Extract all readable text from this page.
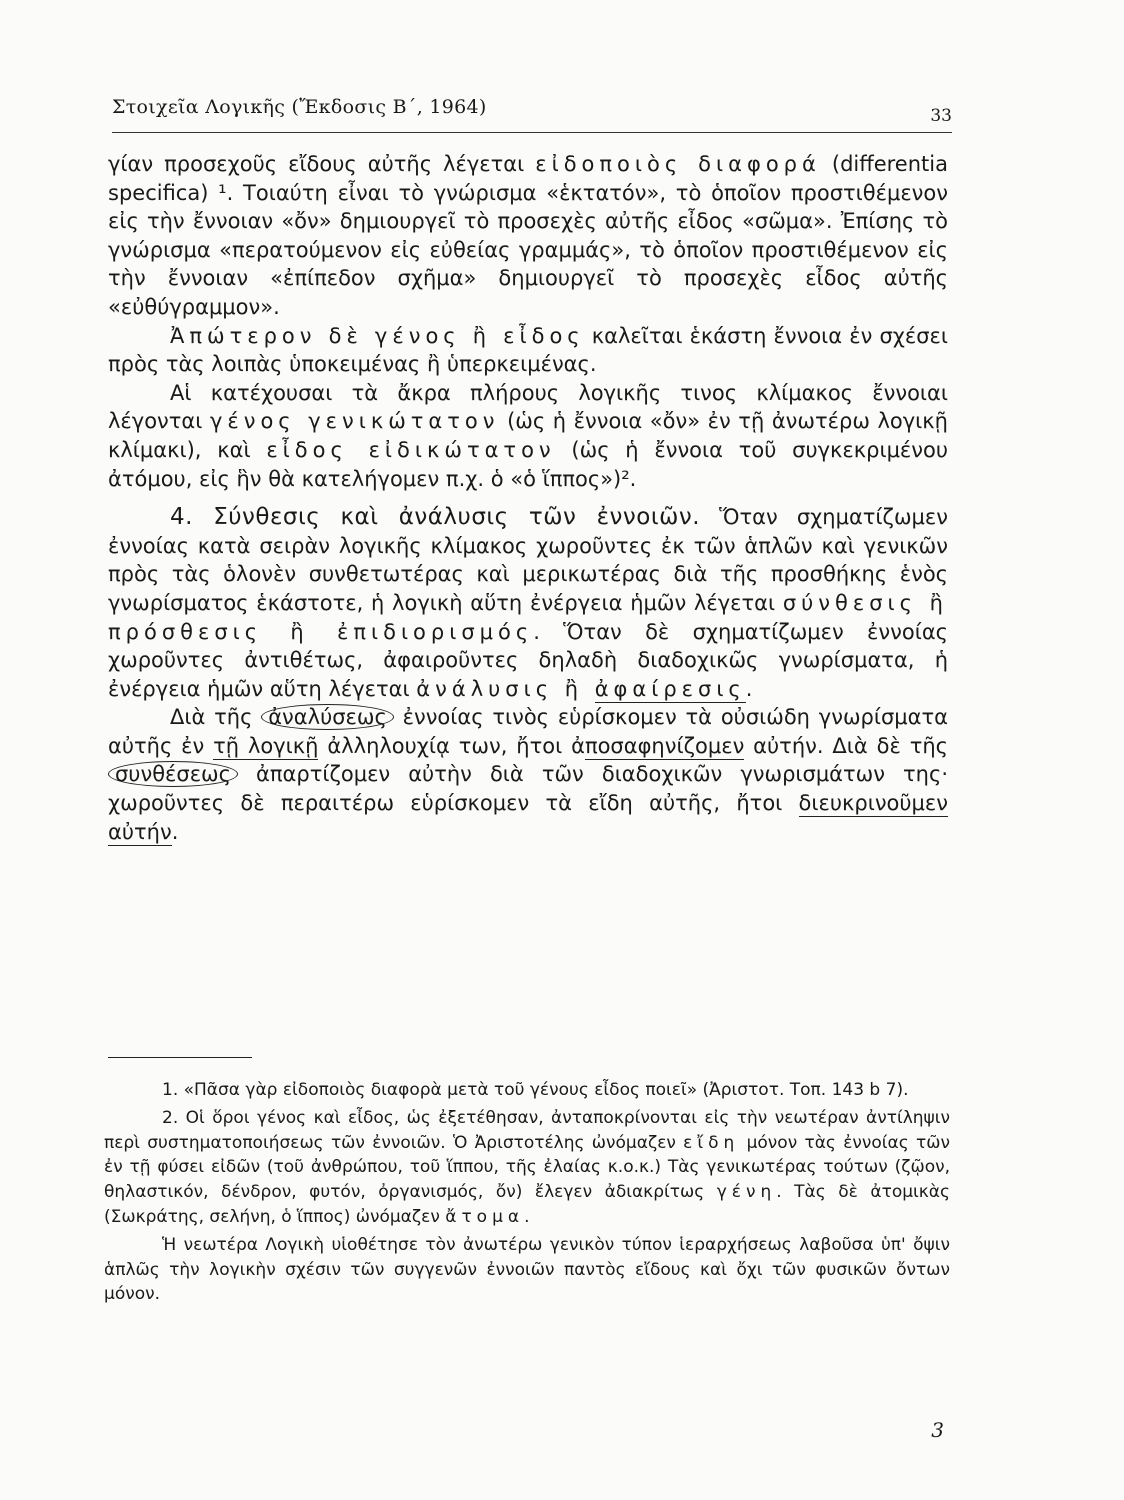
Στοιχεῖα Λογικῆς (Ἔκδοσις Β΄, 1964)	33

γίαν προσεχοῦς εἴδους αὐτῆς λέγεται εἰδοποιὸς διαφορά (differentia specifica) ¹. Τοιαύτη εἶναι τὸ γνώρισμα «ἑκτατόν», τὸ ὁποῖον προστιθέμενον εἰς τὴν ἔννοιαν «ὄν» δημιουργεῖ τὸ προσεχὲς αὐτῆς εἶδος «σῶμα». Ἐπίσης τὸ γνώρισμα «περατούμενον εἰς εὐθείας γραμμάς», τὸ ὁποῖον προστιθέμενον εἰς τὴν ἔννοιαν «ἐπίπεδον σχῆμα» δημιουργεῖ τὸ προσεχὲς εἶδος αὐτῆς «εὐθύγραμμον».

Ἀπώτερον δὲ γένος ἢ εἶδος καλεῖται ἑκάστη ἔννοια ἐν σχέσει πρὸς τὰς λοιπὰς ὑποκειμένας ἢ ὑπερκειμένας.

Αἱ κατέχουσαι τὰ ἄκρα πλήρους λογικῆς τινος κλίμακος ἔννοιαι λέγονται γένος γενικώτατον (ὡς ἡ ἔννοια «ὄν» ἐν τῇ ἀνωτέρω λογικῇ κλίμακι), καὶ εἶδος εἰδικώτατον (ὡς ἡ ἔννοια τοῦ συγκεκριμένου ἀτόμου, εἰς ἣν θὰ κατελήγομεν π.χ. ὁ «ὁ ἵππος»)².

4. Σύνθεσις καὶ ἀνάλυσις τῶν ἐννοιῶν. Ὅταν σχηματίζωμεν ἐννοίας κατὰ σειρὰν λογικῆς κλίμακος χωροῦντες ἐκ τῶν ἁπλῶν καὶ γενικῶν πρὸς τὰς ὁλονὲν συνθετωτέρας καὶ μερικωτέρας διὰ τῆς προσθήκης ἑνὸς γνωρίσματος ἑκάστοτε, ἡ λογικὴ αὕτη ἐνέργεια ἡμῶν λέγεται σύνθεσις ἢ πρόσθεσις ἢ ἐπιδιορισμός. Ὅταν δὲ σχηματίζωμεν ἐννοίας χωροῦντες ἀντιθέτως, ἀφαιροῦντες δηλαδὴ διαδοχικῶς γνωρίσματα, ἡ ἐνέργεια ἡμῶν αὕτη λέγεται ἀνάλυσις ἢ ἀφαίρεσις.

Διὰ τῆς ἀναλύσεως ἐννοίας τινὸς εὑρίσκομεν τὰ οὐσιώδη γνωρίσματα αὐτῆς ἐν τῇ λογικῇ ἀλληλουχίᾳ των, ἤτοι ἀποσαφηνίζομεν αὐτήν. Διὰ δὲ τῆς συνθέσεως ἀπαρτίζομεν αὐτὴν διὰ τῶν διαδοχικῶν γνωρισμάτων της· χωροῦντες δὲ περαιτέρω εὑρίσκομεν τὰ εἴδη αὐτῆς, ἤτοι διευκρινοῦμεν αὐτήν.

1. «Πᾶσα γὰρ εἰδοποιὸς διαφορὰ μετὰ τοῦ γένους εἶδος ποιεῖ» (Ἀριστοτ. Τοπ. 143 b 7).

2. Οἱ ὅροι γένος καὶ εἶδος, ὡς ἐξετέθησαν, ἀνταποκρίνονται εἰς τὴν νεωτέραν ἀντίληψιν περὶ συστηματοποιήσεως τῶν ἐννοιῶν. Ὁ Ἀριστοτέλης ὠνόμαζεν εἴδη μόνον τὰς ἐννοίας τῶν ἐν τῇ φύσει εἰδῶν (τοῦ ἀνθρώπου, τοῦ ἵππου, τῆς ἐλαίας κ.ο.κ.) Τὰς γενικωτέρας τούτων (ζῷον, θηλαστικόν, δένδρον, φυτόν, ὀργανισμός, ὄν) ἔλεγεν ἀδιακρίτως γένη. Τὰς δὲ ἀτομικὰς (Σωκράτης, σελήνη, ὁ ἵππος) ὠνόμαζεν ἄτομα.

Ἡ νεωτέρα Λογικὴ υἱοθέτησε τὸν ἀνωτέρω γενικὸν τύπον ἱεραρχήσεως λαβοῦσα ὑπ' ὄψιν ἁπλῶς τὴν λογικὴν σχέσιν τῶν συγγενῶν ἐννοιῶν παντὸς εἴδους καὶ ὄχι τῶν φυσικῶν ὄντων μόνον.

3
